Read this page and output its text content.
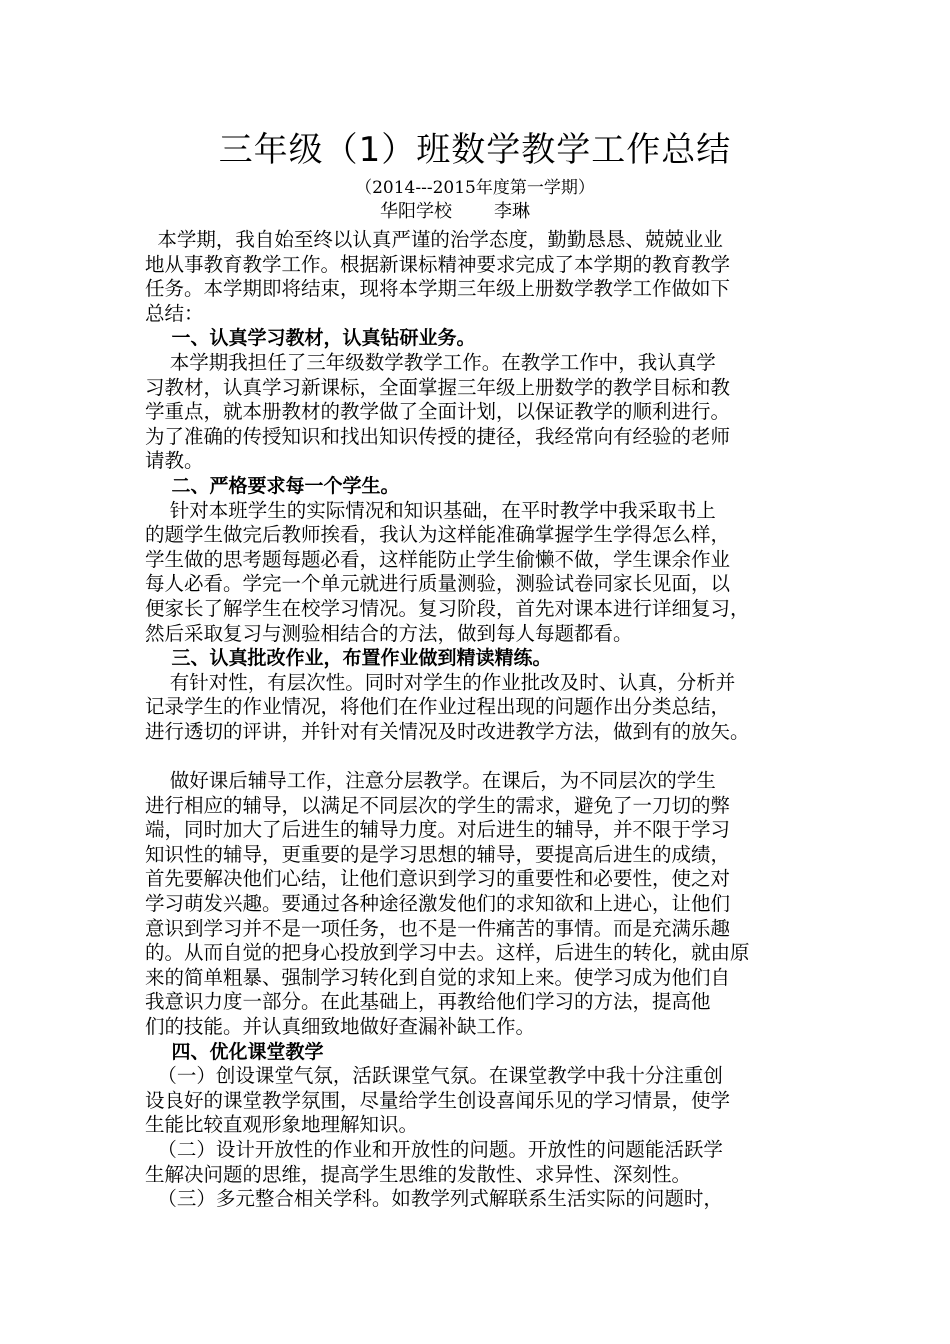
三年级（1）班数学教学工作总结
（2014---2015年度第一学期）
华阳学校 李琳
本学期，我自始至终以认真严谨的治学态度，勤勤恳恳、兢兢业业
地从事教育教学工作。根据新课标精神要求完成了本学期的教育教学
任务。本学期即将结束，现将本学期三年级上册数学教学工作做如下
总结：
一、认真学习教材，认真钻研业务。
本学期我担任了三年级数学教学工作。在教学工作中，我认真学
习教材，认真学习新课标，全面掌握三年级上册数学的教学目标和教
学重点，就本册教材的教学做了全面计划，以保证教学的顺利进行。
为了准确的传授知识和找出知识传授的捷径，我经常向有经验的老师
请教。
二、严格要求每一个学生。
针对本班学生的实际情况和知识基础，在平时教学中我采取书上
的题学生做完后教师挨看，我认为这样能准确掌握学生学得怎么样，
学生做的思考题每题必看，这样能防止学生偷懒不做，学生课余作业
每人必看。学完一个单元就进行质量测验，测验试卷同家长见面，以
便家长了解学生在校学习情况。复习阶段，首先对课本进行详细复习，
然后采取复习与测验相结合的方法，做到每人每题都看。
三、认真批改作业，布置作业做到精读精练。
有针对性，有层次性。同时对学生的作业批改及时、认真，分析并
记录学生的作业情况，将他们在作业过程出现的问题作出分类总结，
进行透切的评讲，并针对有关情况及时改进教学方法，做到有的放矢。
做好课后辅导工作，注意分层教学。在课后，为不同层次的学生
进行相应的辅导，以满足不同层次的学生的需求，避免了一刀切的弊
端，同时加大了后进生的辅导力度。对后进生的辅导，并不限于学习
知识性的辅导，更重要的是学习思想的辅导，要提高后进生的成绩，
首先要解决他们心结，让他们意识到学习的重要性和必要性，使之对
学习萌发兴趣。要通过各种途径激发他们的求知欲和上进心，让他们
意识到学习并不是一项任务，也不是一件痛苦的事情。而是充满乐趣
的。从而自觉的把身心投放到学习中去。这样，后进生的转化，就由原
来的简单粗暴、强制学习转化到自觉的求知上来。使学习成为他们自
我意识力度一部分。在此基础上，再教给他们学习的方法，提高他
们的技能。并认真细致地做好查漏补缺工作。
四、优化课堂教学
（一）创设课堂气氛，活跃课堂气氛。在课堂教学中我十分注重创
设良好的课堂教学氛围，尽量给学生创设喜闻乐见的学习情景，使学
生能比较直观形象地理解知识。
（二）设计开放性的作业和开放性的问题。开放性的问题能活跃学
生解决问题的思维，提高学生思维的发散性、求异性、深刻性。
（三）多元整合相关学科。如教学列式解联系生活实际的问题时，
